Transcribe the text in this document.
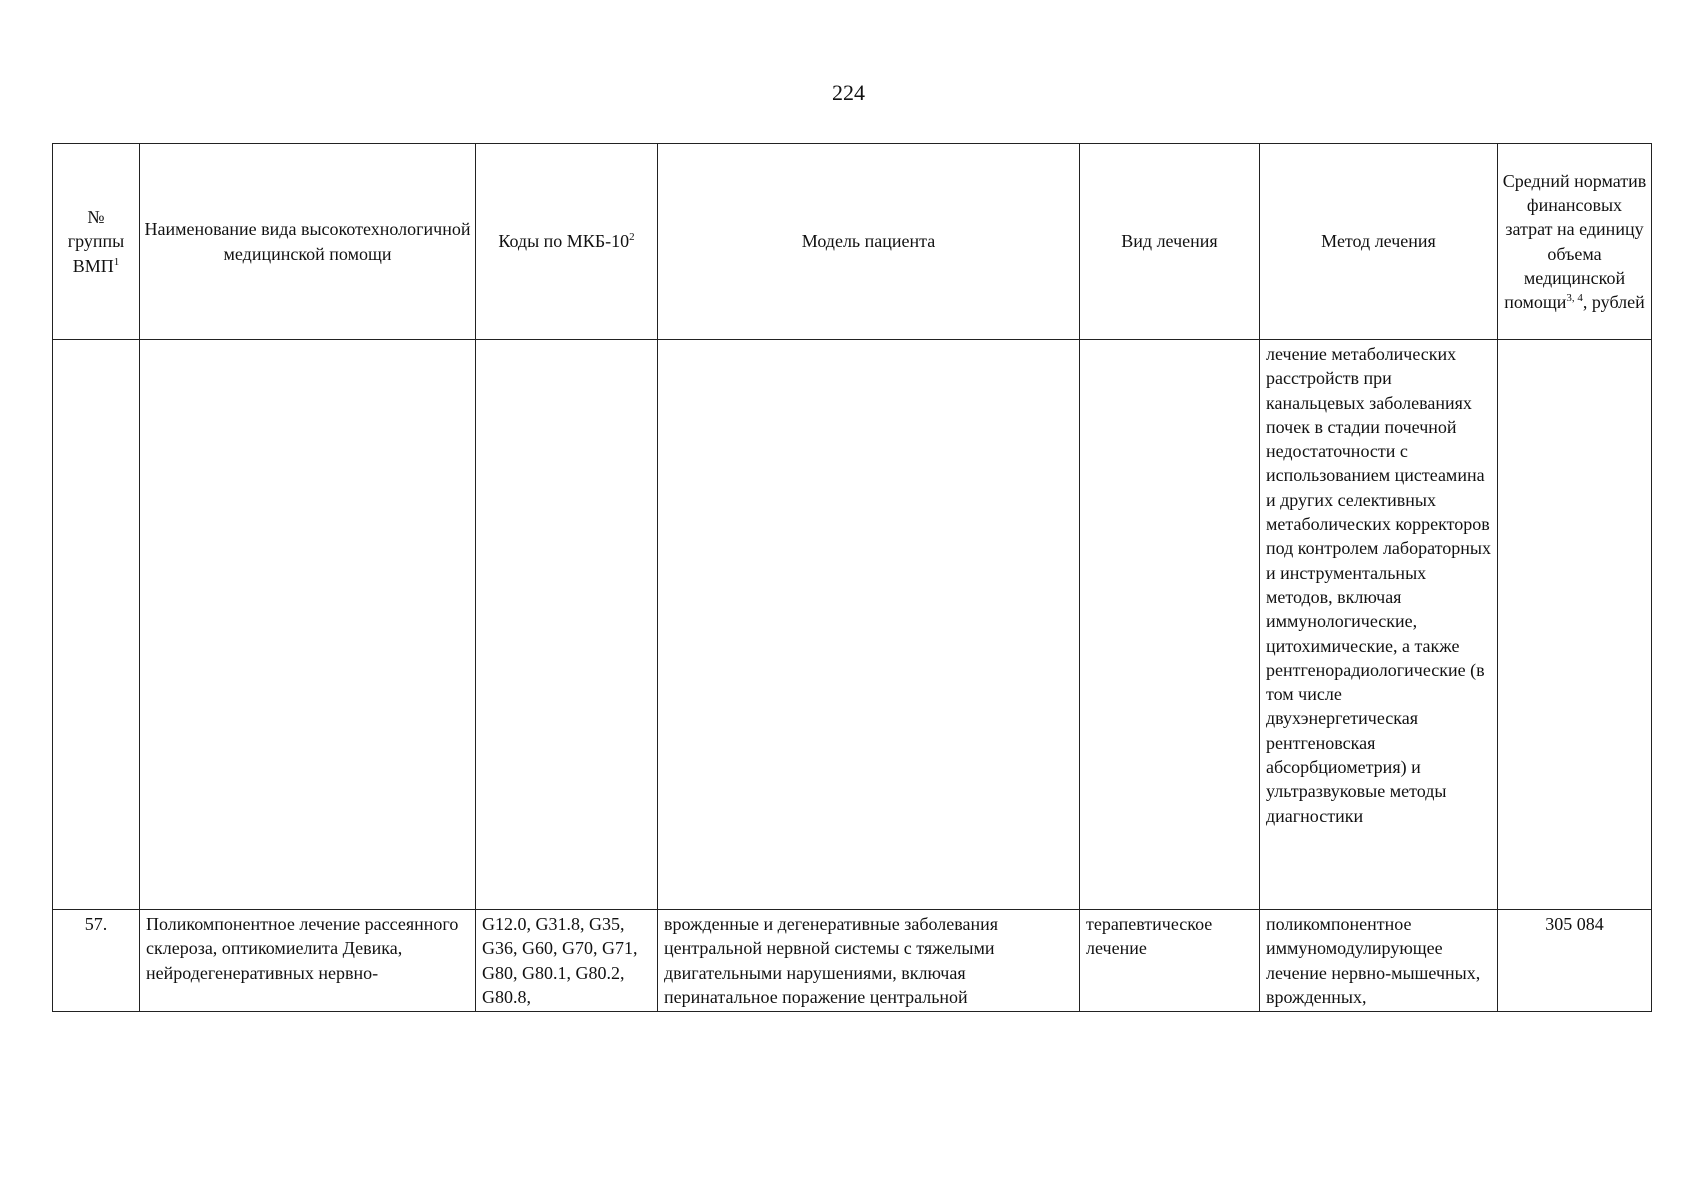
224
№ группы ВМП$^1$	Наименование вида высокотехнологичной медицинской помощи	Коды по МКБ-$10^2$	Модель пациента	Вид лечения	Метод лечения	Средний норматив финансовых затрат на единицу объема медицинской помощи$^{3, 4}$, рублей
					лечение метаболических расстройств при канальцевых заболеваниях почек в стадии почечной недостаточности с использованием цистеамина и других селективных метаболических корректоров под контролем лабораторных и инструментальных методов, включая иммунологические, цитохимические, а также рентгенорадиологические (в том числе двухэнергетическая рентгеновская абсорбциометрия) и ультразвуковые методы диагностики	
57.	Поликомпонентное лечение рассеянного склероза, оптикомиелита Девика, нейродегенеративных нервно-	G12.0, G31.8, G35, G36, G60, G70, G71, G80, G80.1, G80.2, G80.8,	врожденные и дегенеративные заболевания центральной нервной системы с тяжелыми двигательными нарушениями, включая перинатальное поражение центральной	терапевтическое лечение	поликомпонентное иммуномодулирующее лечение нервно-мышечных, врожденных,	305 084
